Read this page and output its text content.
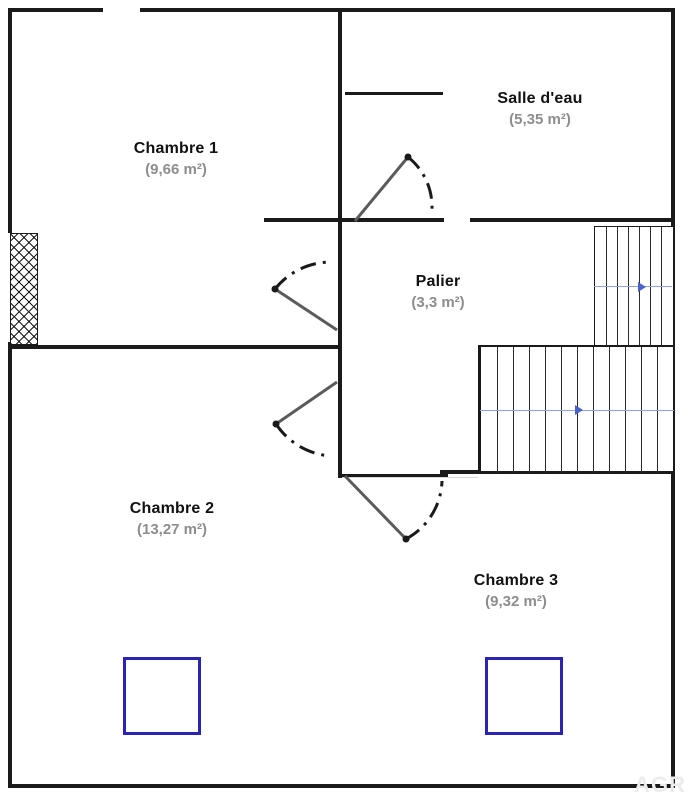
Chambre 1
(9,66 m²)
Salle d'eau
(5,35 m²)
Palier
(3,3 m²)
Chambre 2
(13,27 m²)
Chambre 3
(9,32 m²)
AGR
